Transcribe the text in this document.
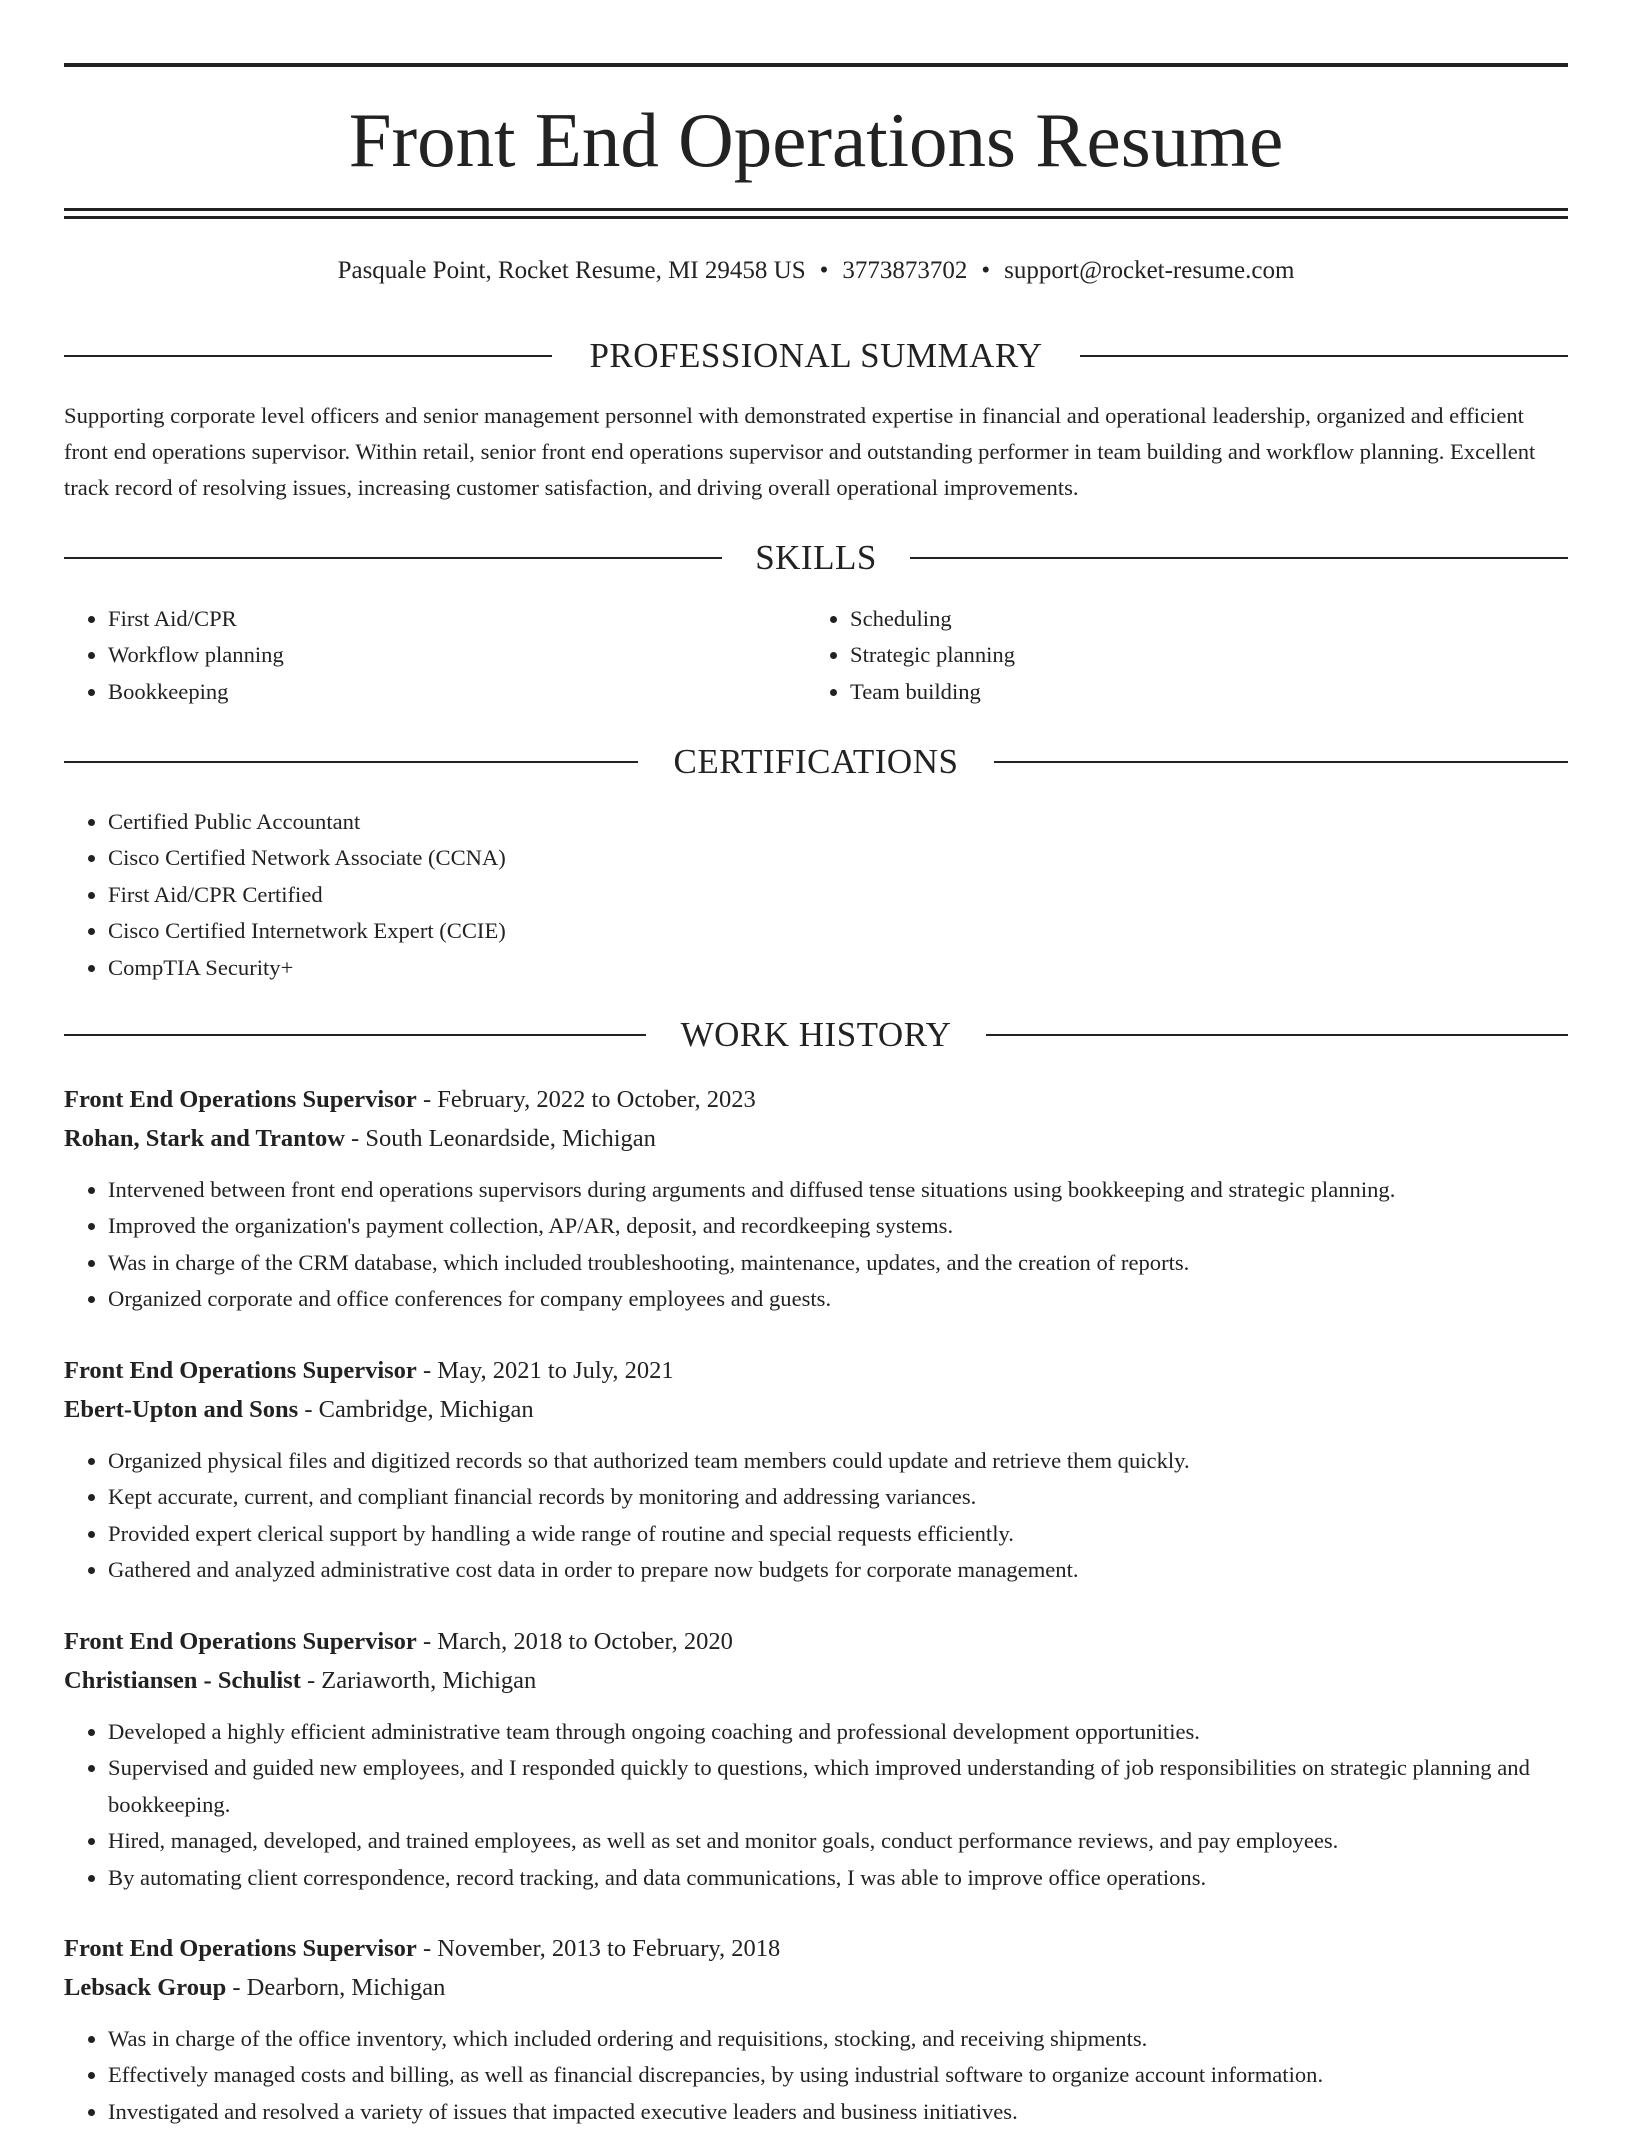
Front End Operations Resume
Pasquale Point, Rocket Resume, MI 29458 US • 3773873702 • support@rocket-resume.com
PROFESSIONAL SUMMARY

Supporting corporate level officers and senior management personnel with demonstrated expertise in financial and operational leadership, organized and efficient front end operations supervisor. Within retail, senior front end operations supervisor and outstanding performer in team building and workflow planning. Excellent track record of resolving issues, increasing customer satisfaction, and driving overall operational improvements.

SKILLS
• First Aid/CPR
• Workflow planning
• Bookkeeping
• Scheduling
• Strategic planning
• Team building
CERTIFICATIONS
• Certified Public Accountant
• Cisco Certified Network Associate (CCNA)
• First Aid/CPR Certified
• Cisco Certified Internetwork Expert (CCIE)
• CompTIA Security+
WORK HISTORY
Front End Operations Supervisor - February, 2022 to October, 2023
Rohan, Stark and Trantow - South Leonardside, Michigan
• Intervened between front end operations supervisors during arguments and diffused tense situations using bookkeeping and strategic planning.
• Improved the organization's payment collection, AP/AR, deposit, and recordkeeping systems.
• Was in charge of the CRM database, which included troubleshooting, maintenance, updates, and the creation of reports.
• Organized corporate and office conferences for company employees and guests.
Front End Operations Supervisor - May, 2021 to July, 2021
Ebert-Upton and Sons - Cambridge, Michigan
• Organized physical files and digitized records so that authorized team members could update and retrieve them quickly.
• Kept accurate, current, and compliant financial records by monitoring and addressing variances.
• Provided expert clerical support by handling a wide range of routine and special requests efficiently.
• Gathered and analyzed administrative cost data in order to prepare now budgets for corporate management.
Front End Operations Supervisor - March, 2018 to October, 2020
Christiansen - Schulist - Zariaworth, Michigan
• Developed a highly efficient administrative team through ongoing coaching and professional development opportunities.
• Supervised and guided new employees, and I responded quickly to questions, which improved understanding of job responsibilities on strategic planning and bookkeeping.
• Hired, managed, developed, and trained employees, as well as set and monitor goals, conduct performance reviews, and pay employees.
• By automating client correspondence, record tracking, and data communications, I was able to improve office operations.
Front End Operations Supervisor - November, 2013 to February, 2018
Lebsack Group - Dearborn, Michigan
• Was in charge of the office inventory, which included ordering and requisitions, stocking, and receiving shipments.
• Effectively managed costs and billing, as well as financial discrepancies, by using industrial software to organize account information.
• Investigated and resolved a variety of issues that impacted executive leaders and business initiatives.
